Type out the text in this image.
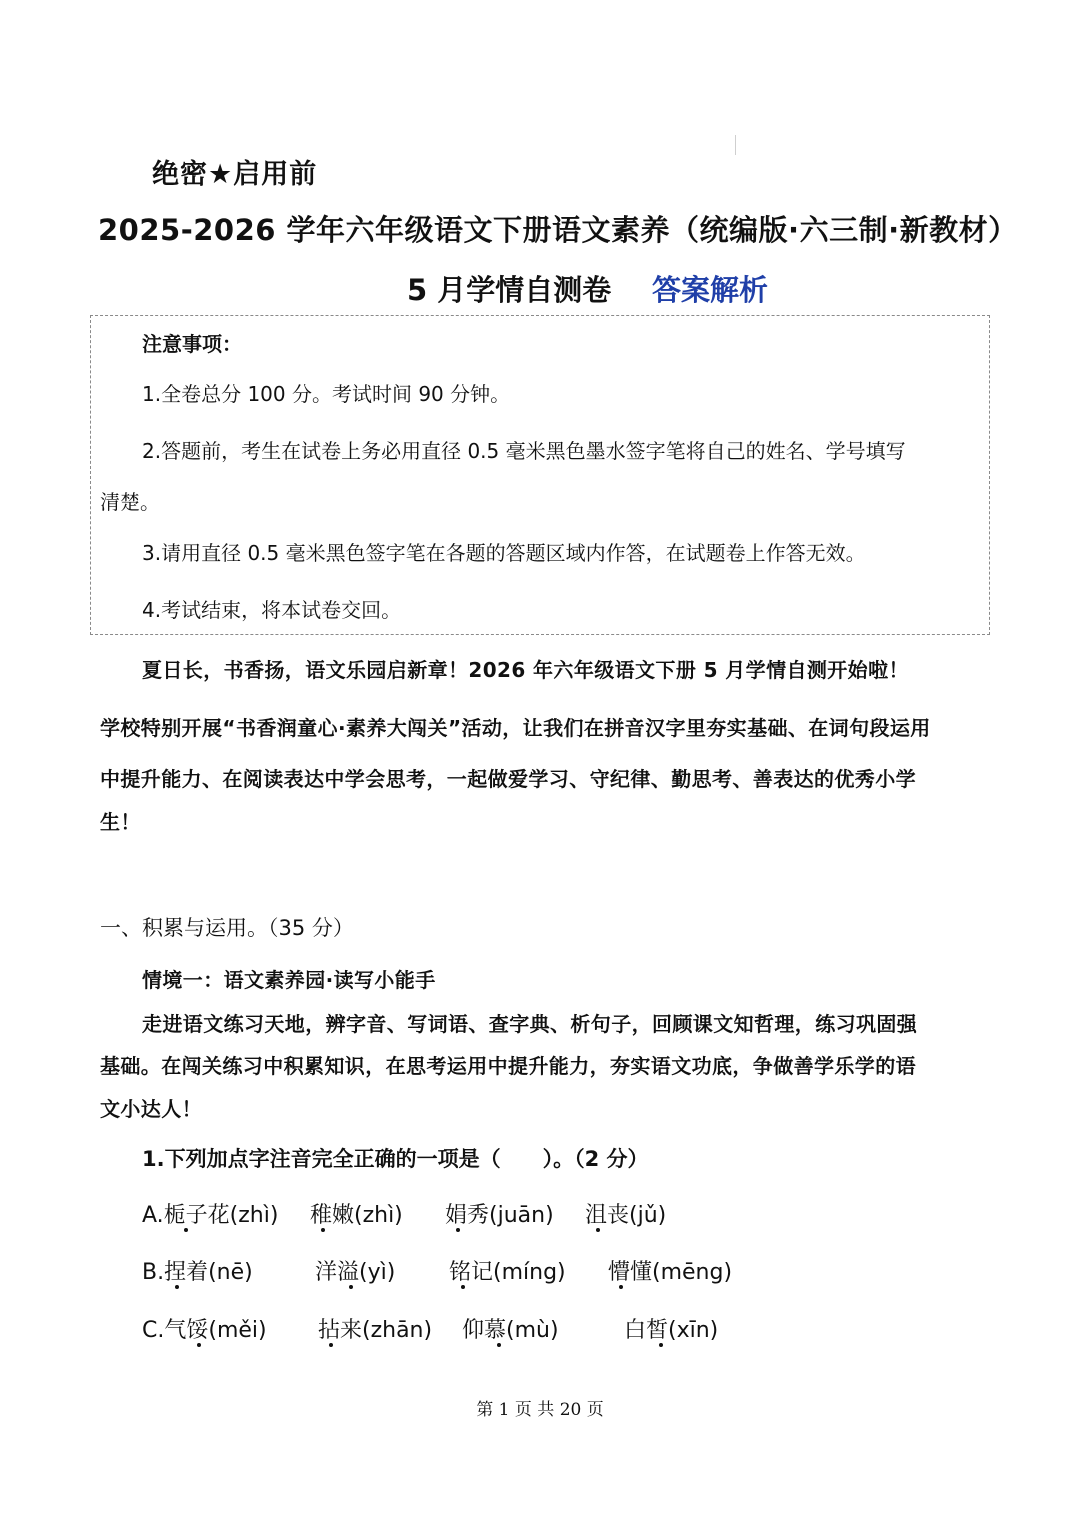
绝密★启用前
2025-2026 学年六年级语文下册语文素养（统编版·六三制·新教材）
5 月学情自测卷 答案解析
注意事项：
1.全卷总分 100 分。考试时间 90 分钟。
2.答题前，考生在试卷上务必用直径 0.5 毫米黑色墨水签字笔将自己的姓名、学号填写
清楚。
3.请用直径 0.5 毫米黑色签字笔在各题的答题区域内作答，在试题卷上作答无效。
4.考试结束，将本试卷交回。
夏日长，书香扬，语文乐园启新章！2026 年六年级语文下册 5 月学情自测开始啦！
学校特别开展“书香润童心·素养大闯关”活动，让我们在拼音汉字里夯实基础、在词句段运用
中提升能力、在阅读表达中学会思考，一起做爱学习、守纪律、勤思考、善表达的优秀小学
生！
一、积累与运用。（35 分）
情境一：语文素养园·读写小能手
走进语文练习天地，辨字音、写词语、查字典、析句子，回顾课文知哲理，练习巩固强
基础。在闯关练习中积累知识，在思考运用中提升能力，夯实语文功底，争做善学乐学的语
文小达人！
1.下列加点字注音完全正确的一项是（　　）。（2 分）
A.栀子花(zhì) 稚嫩(zhì) 娟秀(juān) 沮丧(jǔ)
B.捏着(nē)	洋溢(yì) 铭记(míng) 懵懂(mēng)
C.气馁(měi) 拈来(zhān) 仰慕(mù)	白皙(xīn)
第 1 页 共 20 页
